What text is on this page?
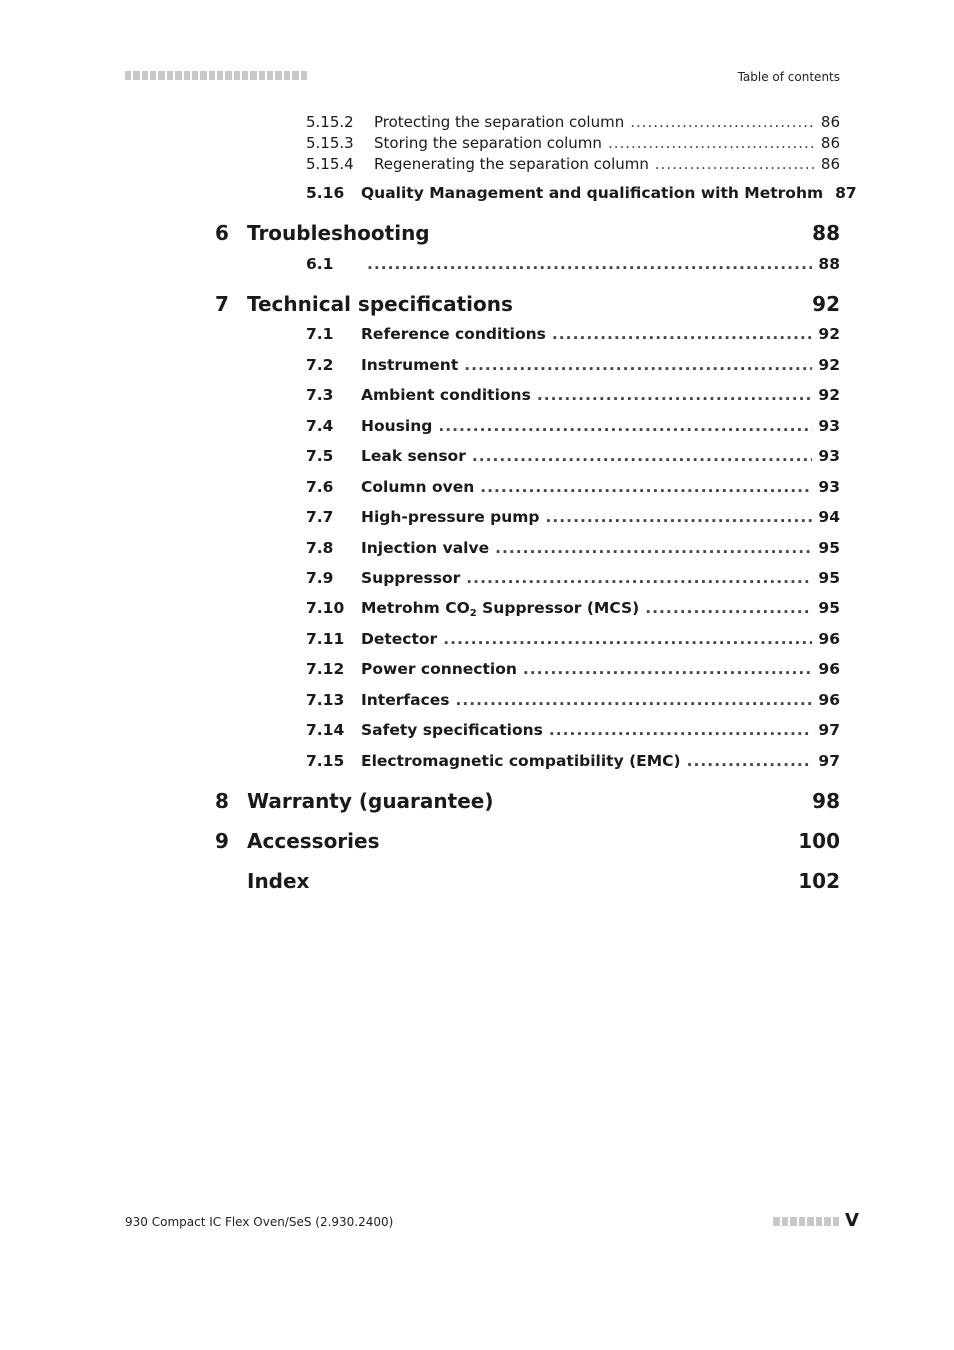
Table of contents
5.15.2	Protecting the separation column .....	86
5.15.3	Storing the separation column .....	86
5.15.4	Regenerating the separation column .....	86
5.16	Quality Management and qualification with Metrohm 87
6 Troubleshooting	88
6.1 .....	88
7 Technical specifications	92
7.1	Reference conditions .....	92
7.2	Instrument .....	92
7.3	Ambient conditions .....	92
7.4	Housing .....	93
7.5	Leak sensor .....	93
7.6	Column oven .....	93
7.7	High-pressure pump .....	94
7.8	Injection valve .....	95
7.9	Suppressor .....	95
7.10	Metrohm $CO_2$ Suppressor (MCS) .....	95
7.11	Detector .....	96
7.12	Power connection .....	96
7.13	Interfaces .....	96
7.14	Safety specifications .....	97
7.15	Electromagnetic compatibility (EMC) .....	97
8 Warranty (guarantee)	98
9 Accessories	100
Index	102
930 Compact IC Flex Oven/SeS (2.930.2400)	V
